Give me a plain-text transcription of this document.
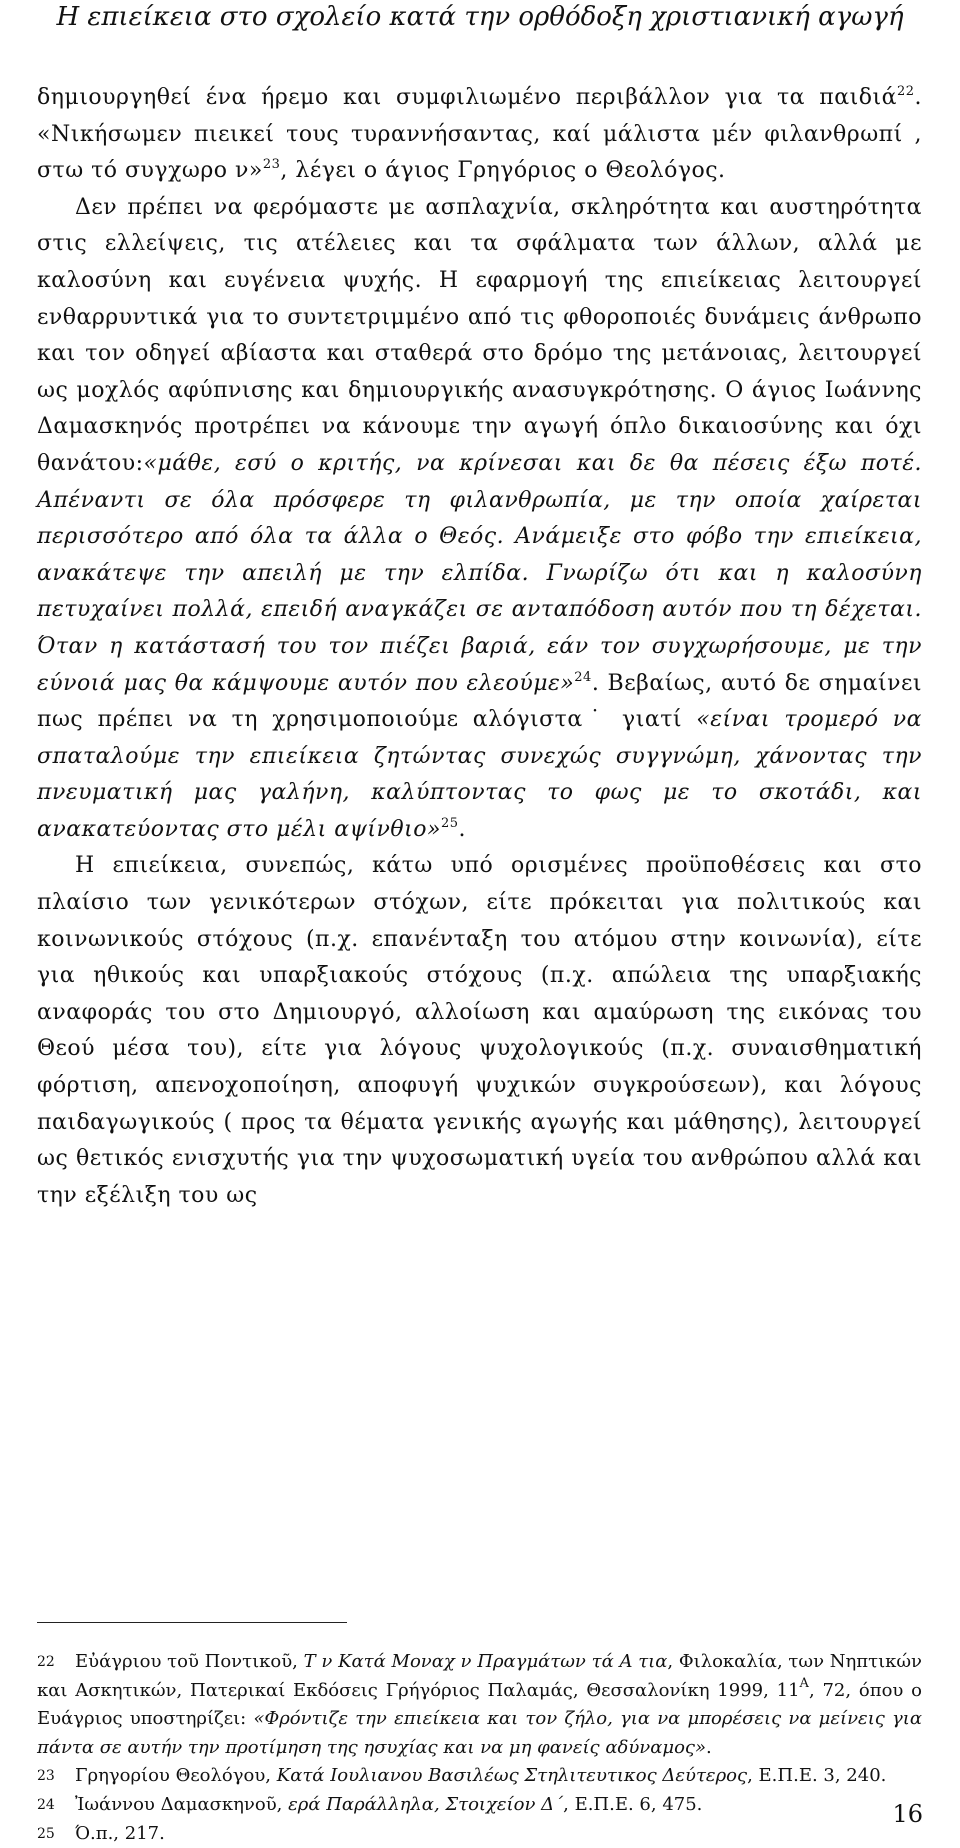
Η επιείκεια στο σχολείο κατά την ορθόδοξη χριστιανική αγωγή

δημιουργηθεί ένα ήρεμο και συμφιλιωμένο περιβάλλον για τα παιδιά$^{22}$. «Νικήσωμεν πιεικεί τους τυραννήσαντας, καί μάλιστα μέν φιλανθρωπί , στω τό συγχωρο ν»$^{23}$, λέγει ο άγιος Γρηγόριος ο Θεολόγος.

Δεν πρέπει να φερόμαστε με ασπλαχνία, σκληρότητα και αυστηρότητα στις ελλείψεις, τις ατέλειες και τα σφάλματα των άλλων, αλλά με καλοσύνη και ευγένεια ψυχής. Η εφαρμογή της επιείκειας λειτουργεί ενθαρρυντικά για το συντετριμμένο από τις φθοροποιές δυνάμεις άνθρωπο και τον οδηγεί αβίαστα και σταθερά στο δρόμο της μετάνοιας, λειτουργεί ως μοχλός αφύπνισης και δημιουργικής ανασυγκρότησης. Ο άγιος Ιωάννης Δαμασκηνός προτρέπει να κάνουμε την αγωγή όπλο δικαιοσύνης και όχι θανάτου:«μάθε, εσύ ο κριτής, να κρίνεσαι και δε θα πέσεις έξω ποτέ. Απέναντι σε όλα πρόσφερε τη φιλανθρωπία, με την οποία χαίρεται περισσότερο από όλα τα άλλα ο Θεός. Ανάμειξε στο φόβο την επιείκεια, ανακάτεψε την απειλή με την ελπίδα. Γνωρίζω ότι και η καλοσύνη πετυχαίνει πολλά, επειδή αναγκάζει σε ανταπόδοση αυτόν που τη δέχεται. Όταν η κατάστασή του τον πιέζει βαριά, εάν τον συγχωρήσουμε, με την εύνοιά μας θα κάμψουμε αυτόν που ελεούμε»$^{24}$. Βεβαίως, αυτό δε σημαίνει πως πρέπει να τη χρησιμοποιούμε αλόγιστα˙ γιατί «είναι τρομερό να σπαταλούμε την επιείκεια ζητώντας συνεχώς συγγνώμη, χάνοντας την πνευματική μας γαλήνη, καλύπτοντας το φως με το σκοτάδι, και ανακατεύοντας στο μέλι αψίνθιο»$^{25}$.

Η επιείκεια, συνεπώς, κάτω υπό ορισμένες προϋποθέσεις και στο πλαίσιο των γενικότερων στόχων, είτε πρόκειται για πολιτικούς και κοινωνικούς στόχους (π.χ. επανένταξη του ατόμου στην κοινωνία), είτε για ηθικούς και υπαρξιακούς στόχους (π.χ. απώλεια της υπαρξιακής αναφοράς του στο Δημιουργό, αλλοίωση και αμαύρωση της εικόνας του Θεού μέσα του), είτε για λόγους ψυχολογικούς (π.χ. συναισθηματική φόρτιση, απενοχοποίηση, αποφυγή ψυχικών συγκρούσεων), και λόγους παιδαγωγικούς ( προς τα θέματα γενικής αγωγής και μάθησης), λειτουργεί ως θετικός ενισχυτής για την ψυχοσωματική υγεία του ανθρώπου αλλά και την εξέλιξη του ως

22 Εὐάγριου τοῦ Ποντικοῦ, Τ ν Κατά Μοναχ ν Πραγμάτων τά Α τια, Φιλοκαλία, των Νηπτικών και Ασκητικών, Πατερικαί Εκδόσεις Γρήγόριος Παλαμάς, Θεσσαλονίκη 1999, $11^A$, 72, όπου ο Ευάγριος υποστηρίζει: «Φρόντιζε την επιείκεια και τον ζήλο, για να μπορέσεις να μείνεις για πάντα σε αυτήν την προτίμηση της ησυχίας και να μη φανείς αδύναμος».

23 Γρηγορίου Θεολόγου, Κατά Ιουλιανου Βασιλέως Στηλιτευτικος Δεύτερος, Ε.Π.Ε. 3, 240.

24 Ἰωάννου Δαμασκηνοῦ, ερά Παράλληλα, Στοιχείον Δ΄, Ε.Π.Ε. 6, 475.

25 Ό.π., 217.

16
